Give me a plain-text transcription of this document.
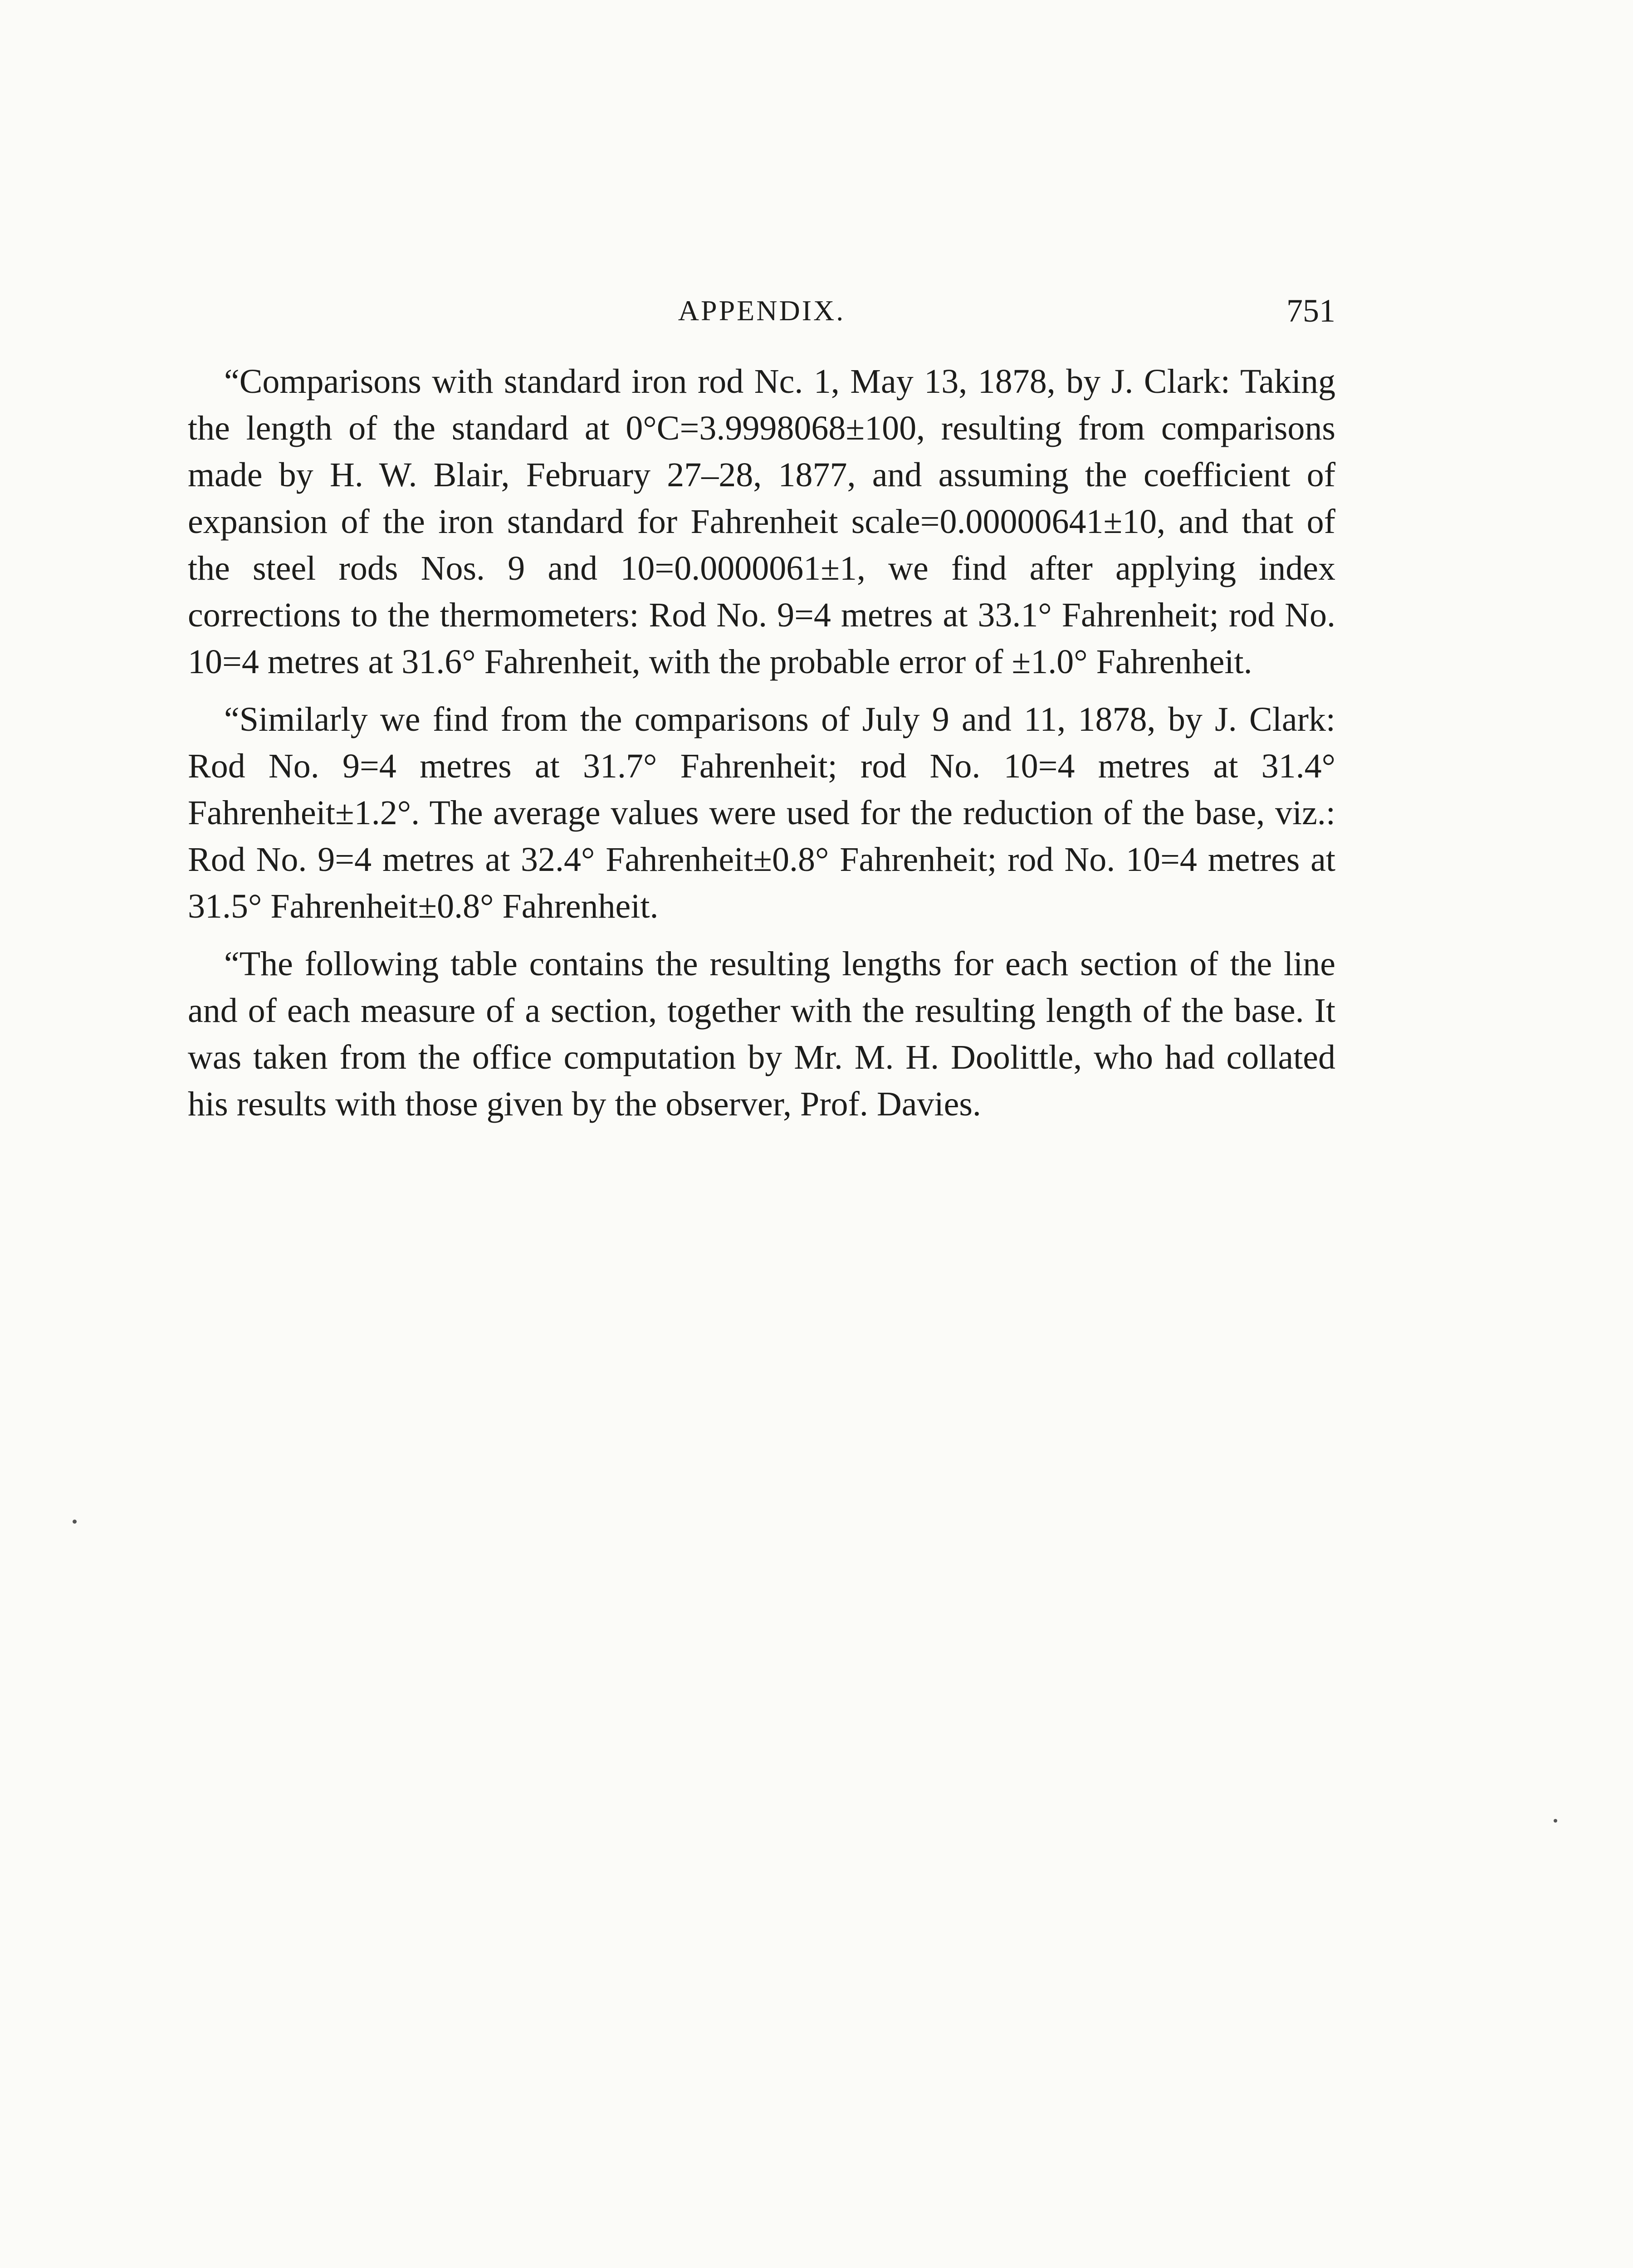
APPENDIX.	751

“Comparisons with standard iron rod Nc. 1, May 13, 1878, by J. Clark: Taking the length of the standard at 0°C=3.9998068±100, resulting from comparisons made by H. W. Blair, February 27–28, 1877, and assuming the coefficient of expansion of the iron standard for Fahrenheit scale=0.00000641±10, and that of the steel rods Nos. 9 and 10=0.0000061±1, we find after applying index corrections to the thermometers: Rod No. 9=4 metres at 33.1° Fahrenheit; rod No. 10=4 metres at 31.6° Fahrenheit, with the probable error of ±1.0° Fahrenheit.

“Similarly we find from the comparisons of July 9 and 11, 1878, by J. Clark: Rod No. 9=4 metres at 31.7° Fahrenheit; rod No. 10=4 metres at 31.4° Fahrenheit±1.2°. The average values were used for the reduction of the base, viz.: Rod No. 9=4 metres at 32.4° Fahrenheit±0.8° Fahrenheit; rod No. 10=4 metres at 31.5° Fahrenheit±0.8° Fahrenheit.

“The following table contains the resulting lengths for each section of the line and of each measure of a section, together with the resulting length of the base. It was taken from the office computation by Mr. M. H. Doolittle, who had collated his results with those given by the observer, Prof. Davies.
